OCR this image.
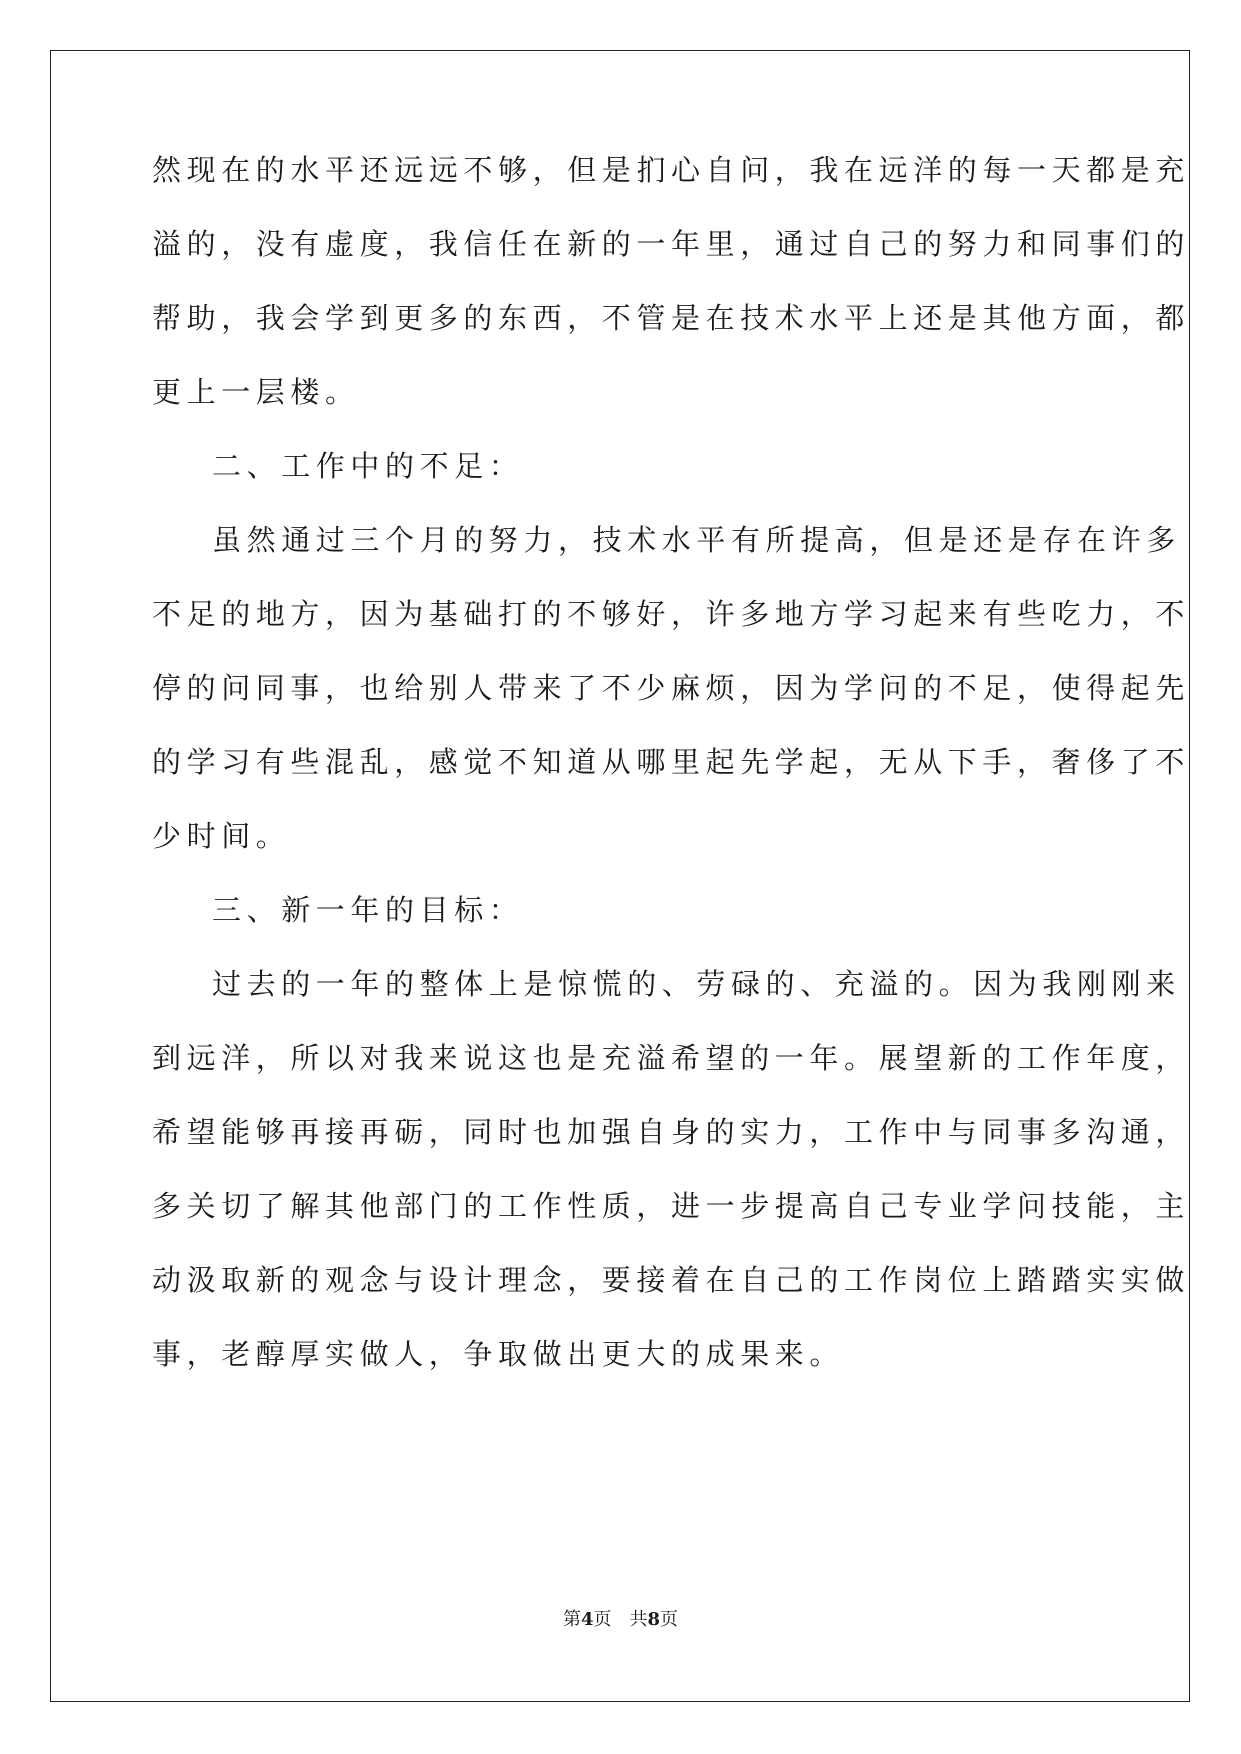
然现在的水平还远远不够，但是扪心自问，我在远洋的每一天都是充
溢的，没有虚度，我信任在新的一年里，通过自己的努力和同事们的
帮助，我会学到更多的东西，不管是在技术水平上还是其他方面，都
更上一层楼。
二、工作中的不足：
虽然通过三个月的努力，技术水平有所提高，但是还是存在许多
不足的地方，因为基础打的不够好，许多地方学习起来有些吃力，不
停的问同事，也给别人带来了不少麻烦，因为学问的不足，使得起先
的学习有些混乱，感觉不知道从哪里起先学起，无从下手，奢侈了不
少时间。
三、新一年的目标：
过去的一年的整体上是惊慌的、劳碌的、充溢的。因为我刚刚来
到远洋，所以对我来说这也是充溢希望的一年。展望新的工作年度，
希望能够再接再砺，同时也加强自身的实力，工作中与同事多沟通，
多关切了解其他部门的工作性质，进一步提高自己专业学问技能，主
动汲取新的观念与设计理念，要接着在自己的工作岗位上踏踏实实做
事，老醇厚实做人，争取做出更大的成果来。
第4页 共8页
